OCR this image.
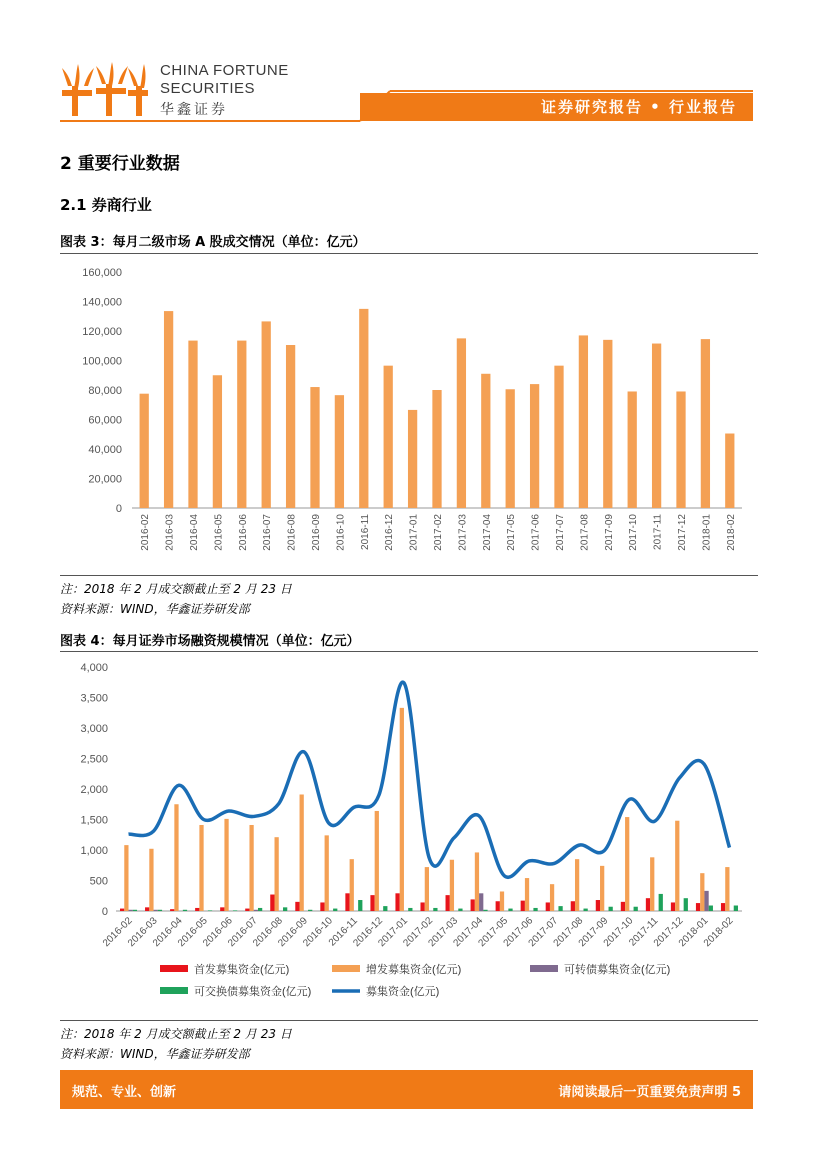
CHINA FORTUNE
SECURITIES
华鑫证券	证券研究报告 • 行业报告
2 重要行业数据
2.1 券商行业
图表 3：每月二级市场 A 股成交情况（单位：亿元）
0
20,000
40,000
60,000
80,000
100,000
120,000
140,000
160,000
2016-02 2016-03 2016-04 2016-05 2016-06 2016-07 2016-08 2016-09 2016-10 2016-11 2016-12 2017-01 2017-02 2017-03 2017-04 2017-05 2017-06 2017-07 2017-08 2017-09 2017-10 2017-11 2017-12 2018-01 2018-02
注：2018 年 2 月成交额截止至 2 月 23 日
资料来源：WIND，华鑫证券研发部
图表 4：每月证券市场融资规模情况（单位：亿元）
0
500
1,000
1,500
2,000
2,500
3,000
3,500
4,000
2016-02
2016-03
2016-04
2016-05
2016-06
2016-07
2016-08
2016-09
2016-10
2016-11
2016-12
2017-01
2017-02
2017-03
2017-04
2017-05
2017-06
2017-07
2017-08
2017-09
2017-10
2017-11
2017-12
2018-01
2018-02
首发募集资金(亿元)	增发募集资金(亿元)	可转债募集资金(亿元)
可交换债募集资金(亿元)	募集资金(亿元)
注：2018 年 2 月成交额截止至 2 月 23 日
资料来源：WIND，华鑫证券研发部
规范、专业、创新	请阅读最后一页重要免责声明 5
